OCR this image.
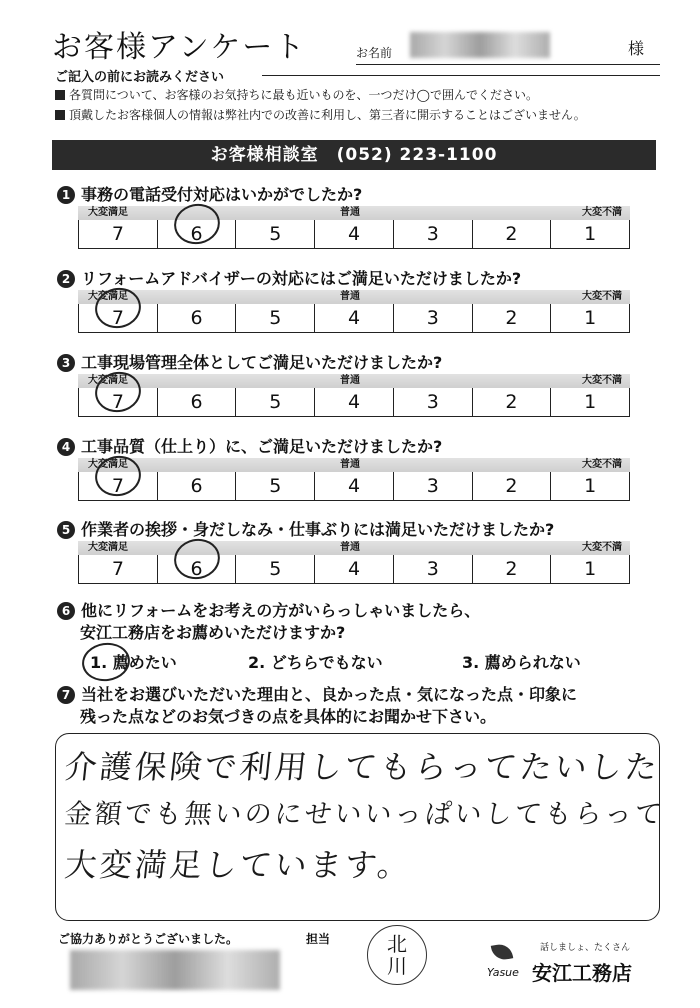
お客様アンケート	お名前	様
ご記入の前にお読みください
各質問について、お客様のお気持ちに最も近いものを、一つだけ◯で囲んでください。
頂戴したお客様個人の情報は弊社内での改善に利用し、第三者に開示することはございません。
お客様相談室　(052) 223-1100
1 事務の電話受付対応はいかがでしたか?
大変満足	普通	大変不満
7	6	5	4	3	2	1
2 リフォームアドバイザーの対応にはご満足いただけましたか?
大変満足	普通	大変不満
7	6	5	4	3	2	1
3 工事現場管理全体としてご満足いただけましたか?
大変満足	普通	大変不満
7	6	5	4	3	2	1
4 工事品質（仕上り）に、ご満足いただけましたか?
大変満足	普通	大変不満
7	6	5	4	3	2	1
5 作業者の挨拶・身だしなみ・仕事ぶりには満足いただけましたか?
大変満足	普通	大変不満
7	6	5	4	3	2	1
6 他にリフォームをお考えの方がいらっしゃいましたら、
安江工務店をお薦めいただけますか?
1. 薦めたい	2. どちらでもない	3. 薦められない
7 当社をお選びいただいた理由と、良かった点・気になった点・印象に
残った点などのお気づきの点を具体的にお聞かせ下さい。
介護保険で利用してもらってたいした
金額でも無いのにせいいっぱいしてもらって
大変満足しています。
ご協力ありがとうございました。	担当	北
川	Yasue
話しましょ、たくさん
安江工務店
